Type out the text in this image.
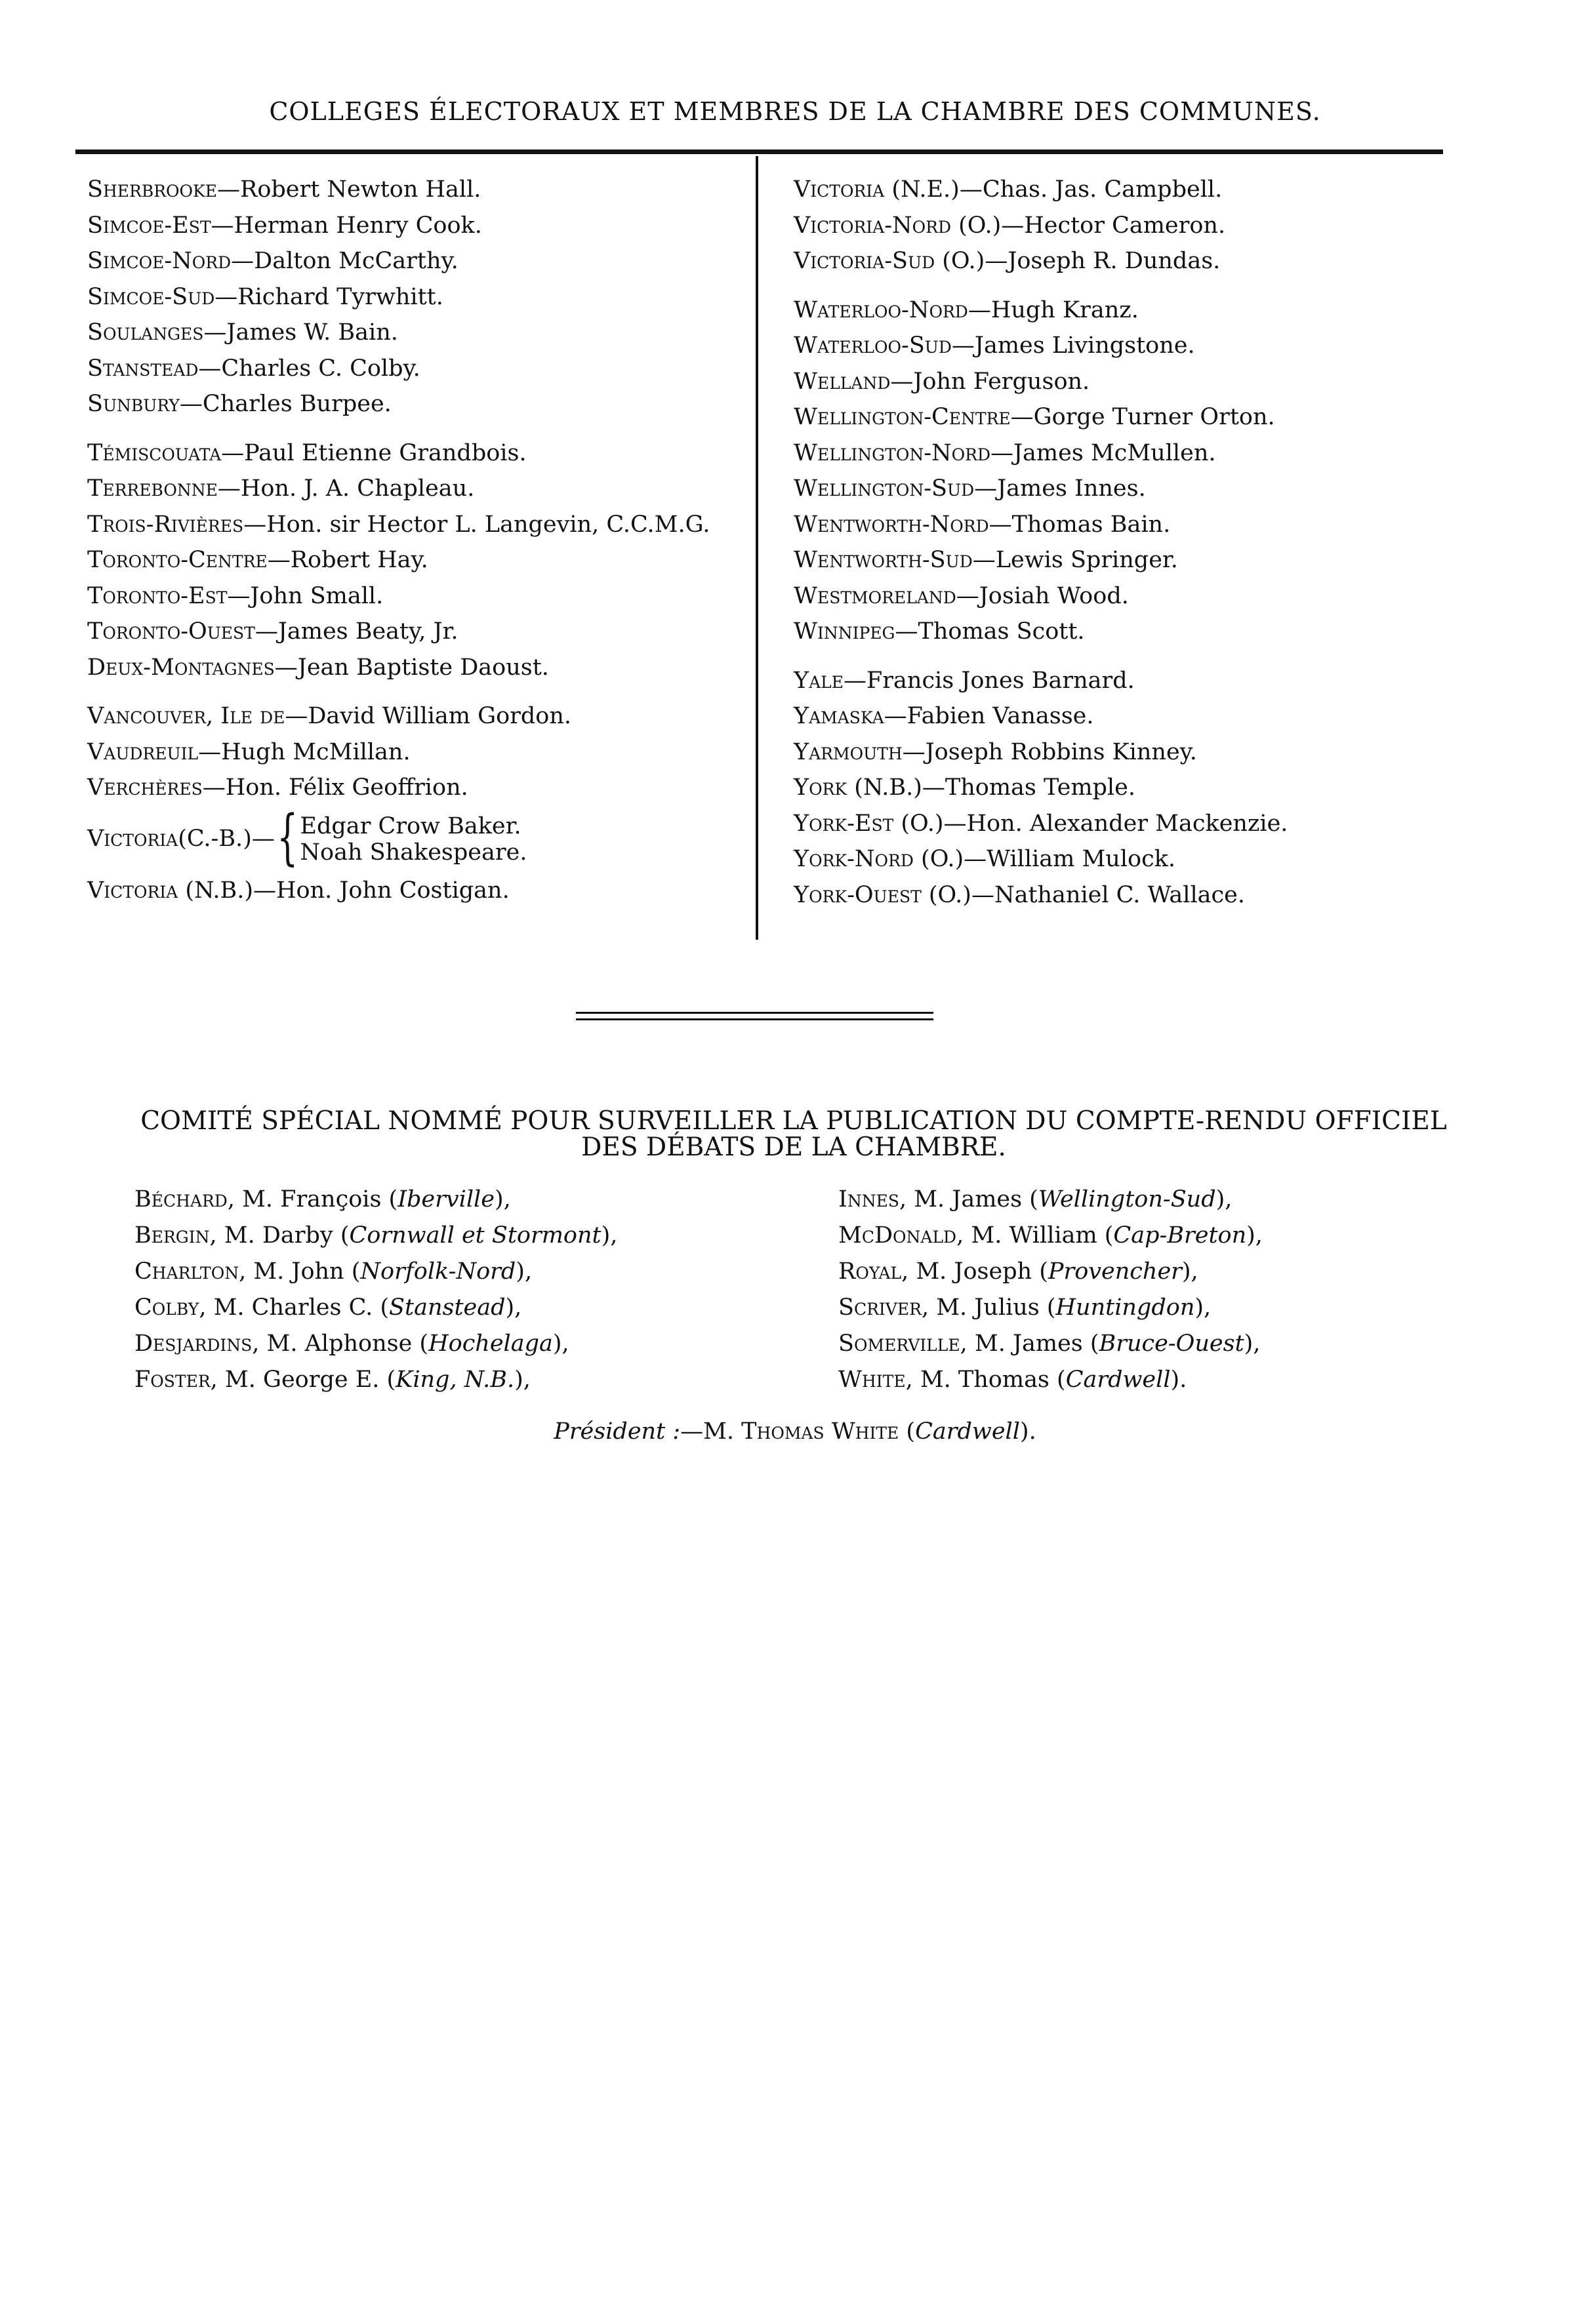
COLLEGES ÉLECTORAUX ET MEMBRES DE LA CHAMBRE DES COMMUNES.
Sherbrooke—Robert Newton Hall.
Simcoe-Est—Herman Henry Cook.
Simcoe-Nord—Dalton McCarthy.
Simcoe-Sud—Richard Tyrwhitt.
Soulanges—James W. Bain.
Stanstead—Charles C. Colby.
Sunbury—Charles Burpee.
Témiscouata—Paul Etienne Grandbois.
Terrebonne—Hon. J. A. Chapleau.
Trois-Rivières—Hon. sir Hector L. Langevin, C.C.M.G.
Toronto-Centre—Robert Hay.
Toronto-Est—John Small.
Toronto-Ouest—James Beaty, Jr.
Deux-Montagnes—Jean Baptiste Daoust.
Vancouver, Ile de—David William Gordon.
Vaudreuil—Hugh McMillan.
Verchères—Hon. Félix Geoffrion.
Victoria (C.-B.)— { Edgar Crow Baker.
Noah Shakespeare.
Victoria (N.B.)—Hon. John Costigan.
Victoria (N.E.)—Chas. Jas. Campbell.
Victoria-Nord (O.)—Hector Cameron.
Victoria-Sud (O.)—Joseph R. Dundas.
Waterloo-Nord—Hugh Kranz.
Waterloo-Sud—James Livingstone.
Welland—John Ferguson.
Wellington-Centre—Gorge Turner Orton.
Wellington-Nord—James McMullen.
Wellington-Sud—James Innes.
Wentworth-Nord—Thomas Bain.
Wentworth-Sud—Lewis Springer.
Westmoreland—Josiah Wood.
Winnipeg—Thomas Scott.
Yale—Francis Jones Barnard.
Yamaska—Fabien Vanasse.
Yarmouth—Joseph Robbins Kinney.
York (N.B.)—Thomas Temple.
York-Est (O.)—Hon. Alexander Mackenzie.
York-Nord (O.)—William Mulock.
York-Ouest (O.)—Nathaniel C. Wallace.
COMITÉ SPÉCIAL NOMMÉ POUR SURVEILLER LA PUBLICATION DU COMPTE-RENDU OFFICIEL
DES DÉBATS DE LA CHAMBRE.
Béchard, M. François (Iberville),
Bergin, M. Darby (Cornwall et Stormont),
Charlton, M. John (Norfolk-Nord),
Colby, M. Charles C. (Stanstead),
Desjardins, M. Alphonse (Hochelaga),
Foster, M. George E. (King, N.B.),
Innes, M. James (Wellington-Sud),
McDonald, M. William (Cap-Breton),
Royal, M. Joseph (Provencher),
Scriver, M. Julius (Huntingdon),
Somerville, M. James (Bruce-Ouest),
White, M. Thomas (Cardwell).
Président :—M. Thomas White (Cardwell).
